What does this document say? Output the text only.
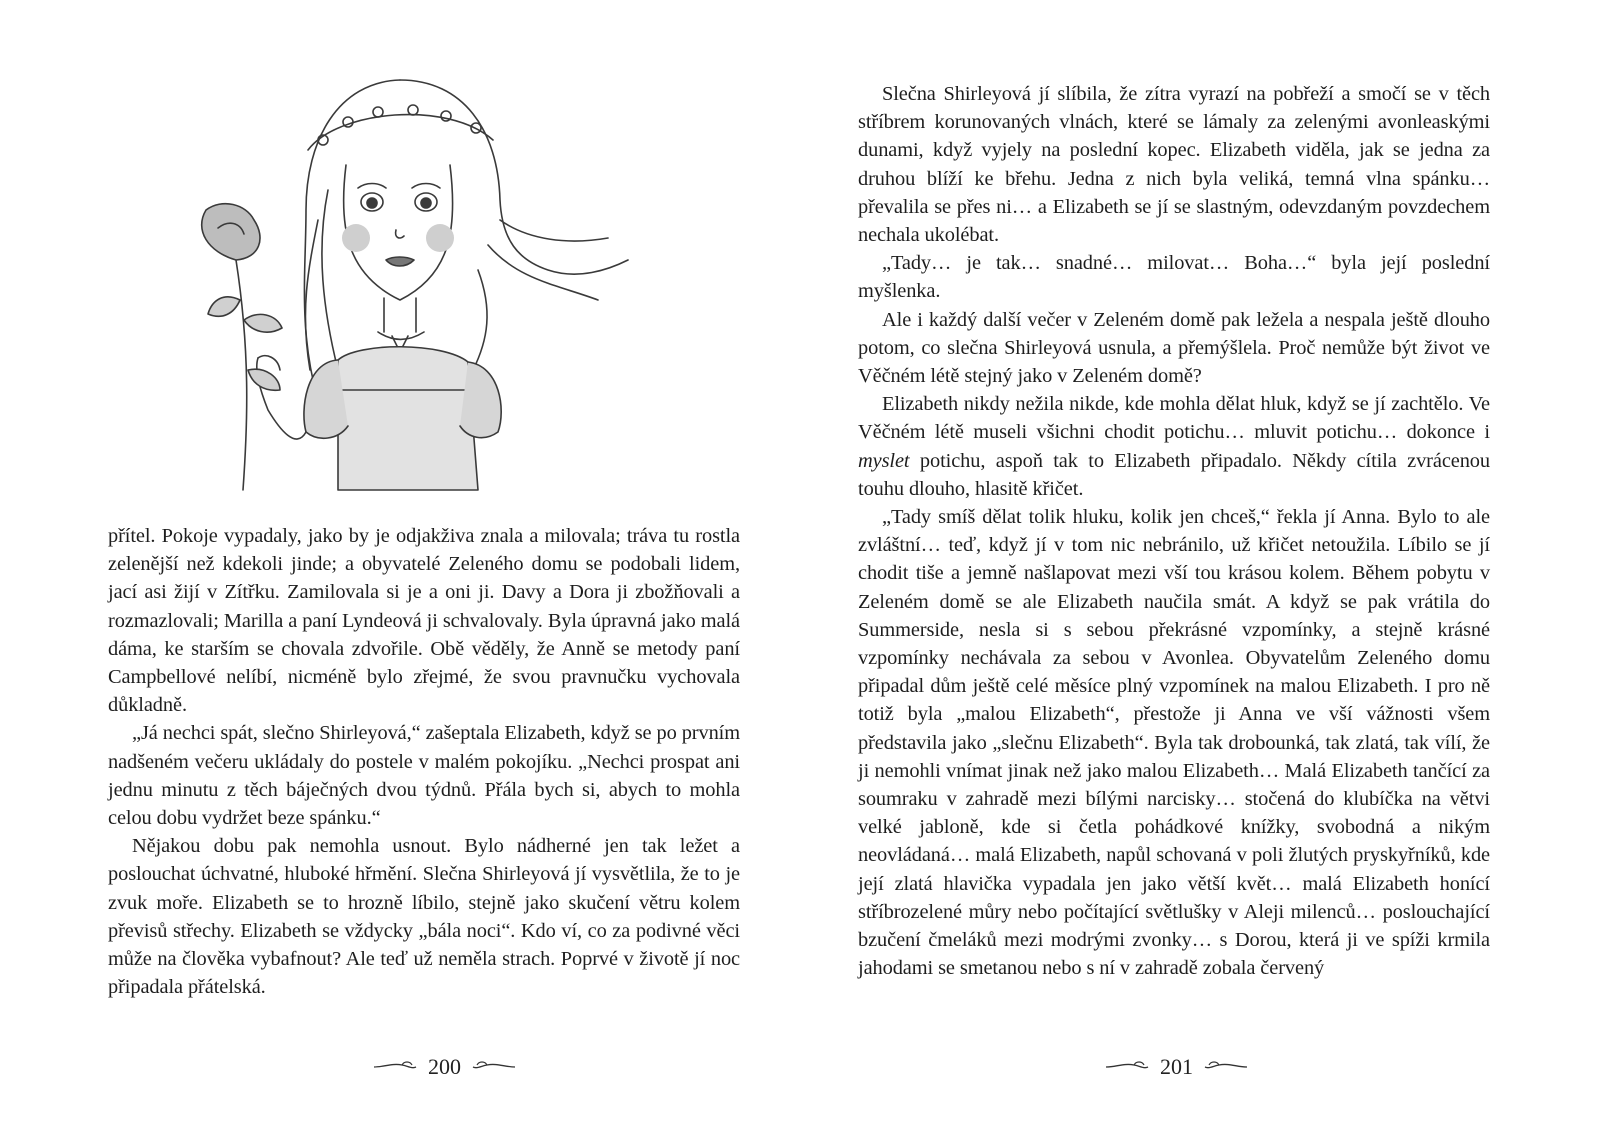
přítel. Pokoje vypadaly, jako by je odjakživa znala a milovala; tráva tu rostla zelenější než kdekoli jinde; a obyvatelé Zeleného domu se podobali lidem, jací asi žijí v Zítřku. Zamilovala si je a oni ji. Davy a Dora ji zbožňovali a rozmazlovali; Marilla a paní Lyndeová ji schvalovaly. Byla úpravná jako malá dáma, ke starším se chovala zdvořile. Obě věděly, že Anně se metody paní Campbellové nelíbí, nicméně bylo zřejmé, že svou pravnučku vychovala důkladně.

„Já nechci spát, slečno Shirleyová,“ zašeptala Elizabeth, když se po prvním nadšeném večeru ukládaly do postele v malém pokojíku. „Nechci prospat ani jednu minutu z těch báječných dvou týdnů. Přála bych si, abych to mohla celou dobu vydržet beze spánku.“

Nějakou dobu pak nemohla usnout. Bylo nádherné jen tak ležet a poslouchat úchvatné, hluboké hřmění. Slečna Shirleyová jí vysvětlila, že to je zvuk moře. Elizabeth se to hrozně líbilo, stejně jako skučení větru kolem převisů střechy. Elizabeth se vždycky „bála noci“. Kdo ví, co za podivné věci může na člověka vybafnout? Ale teď už neměla strach. Poprvé v životě jí noc připadala přátelská.

200

Slečna Shirleyová jí slíbila, že zítra vyrazí na pobřeží a smočí se v těch stříbrem korunovaných vlnách, které se lámaly za zelenými avonleaskými dunami, když vyjely na poslední kopec. Elizabeth viděla, jak se jedna za druhou blíží ke břehu. Jedna z nich byla veliká, temná vlna spánku… převalila se přes ni… a Elizabeth se jí se slastným, odevzdaným povzdechem nechala ukolébat.

„Tady… je tak… snadné… milovat… Boha…“ byla její poslední myšlenka.

Ale i každý další večer v Zeleném domě pak ležela a nespala ještě dlouho potom, co slečna Shirleyová usnula, a přemýšlela. Proč nemůže být život ve Věčném létě stejný jako v Zeleném domě?

Elizabeth nikdy nežila nikde, kde mohla dělat hluk, když se jí zachtělo. Ve Věčném létě museli všichni chodit potichu… mluvit potichu… dokonce i myslet potichu, aspoň tak to Elizabeth připadalo. Někdy cítila zvrácenou touhu dlouho, hlasitě křičet.

„Tady smíš dělat tolik hluku, kolik jen chceš,“ řekla jí Anna. Bylo to ale zvláštní… teď, když jí v tom nic nebránilo, už křičet netoužila. Líbilo se jí chodit tiše a jemně našlapovat mezi vší tou krásou kolem. Během pobytu v Zeleném domě se ale Elizabeth naučila smát. A když se pak vrátila do Summerside, nesla si s sebou překrásné vzpomínky, a stejně krásné vzpomínky nechávala za sebou v Avonlea. Obyvatelům Zeleného domu připadal dům ještě celé měsíce plný vzpomínek na malou Elizabeth. I pro ně totiž byla „malou Elizabeth“, přestože ji Anna ve vší vážnosti všem představila jako „slečnu Elizabeth“. Byla tak drobounká, tak zlatá, tak vílí, že ji nemohli vnímat jinak než jako malou Elizabeth… Malá Elizabeth tančící za soumraku v zahradě mezi bílými narcisky… stočená do klubíčka na větvi velké jabloně, kde si četla pohádkové knížky, svobodná a nikým neovládaná… malá Elizabeth, napůl schovaná v poli žlutých pryskyřníků, kde její zlatá hlavička vypadala jen jako větší květ… malá Elizabeth honící stříbrozelené můry nebo počítající světlušky v Aleji milenců… poslouchající bzučení čmeláků mezi modrými zvonky… s Dorou, která ji ve spíži krmila jahodami se smetanou nebo s ní v zahradě zobala červený

201
